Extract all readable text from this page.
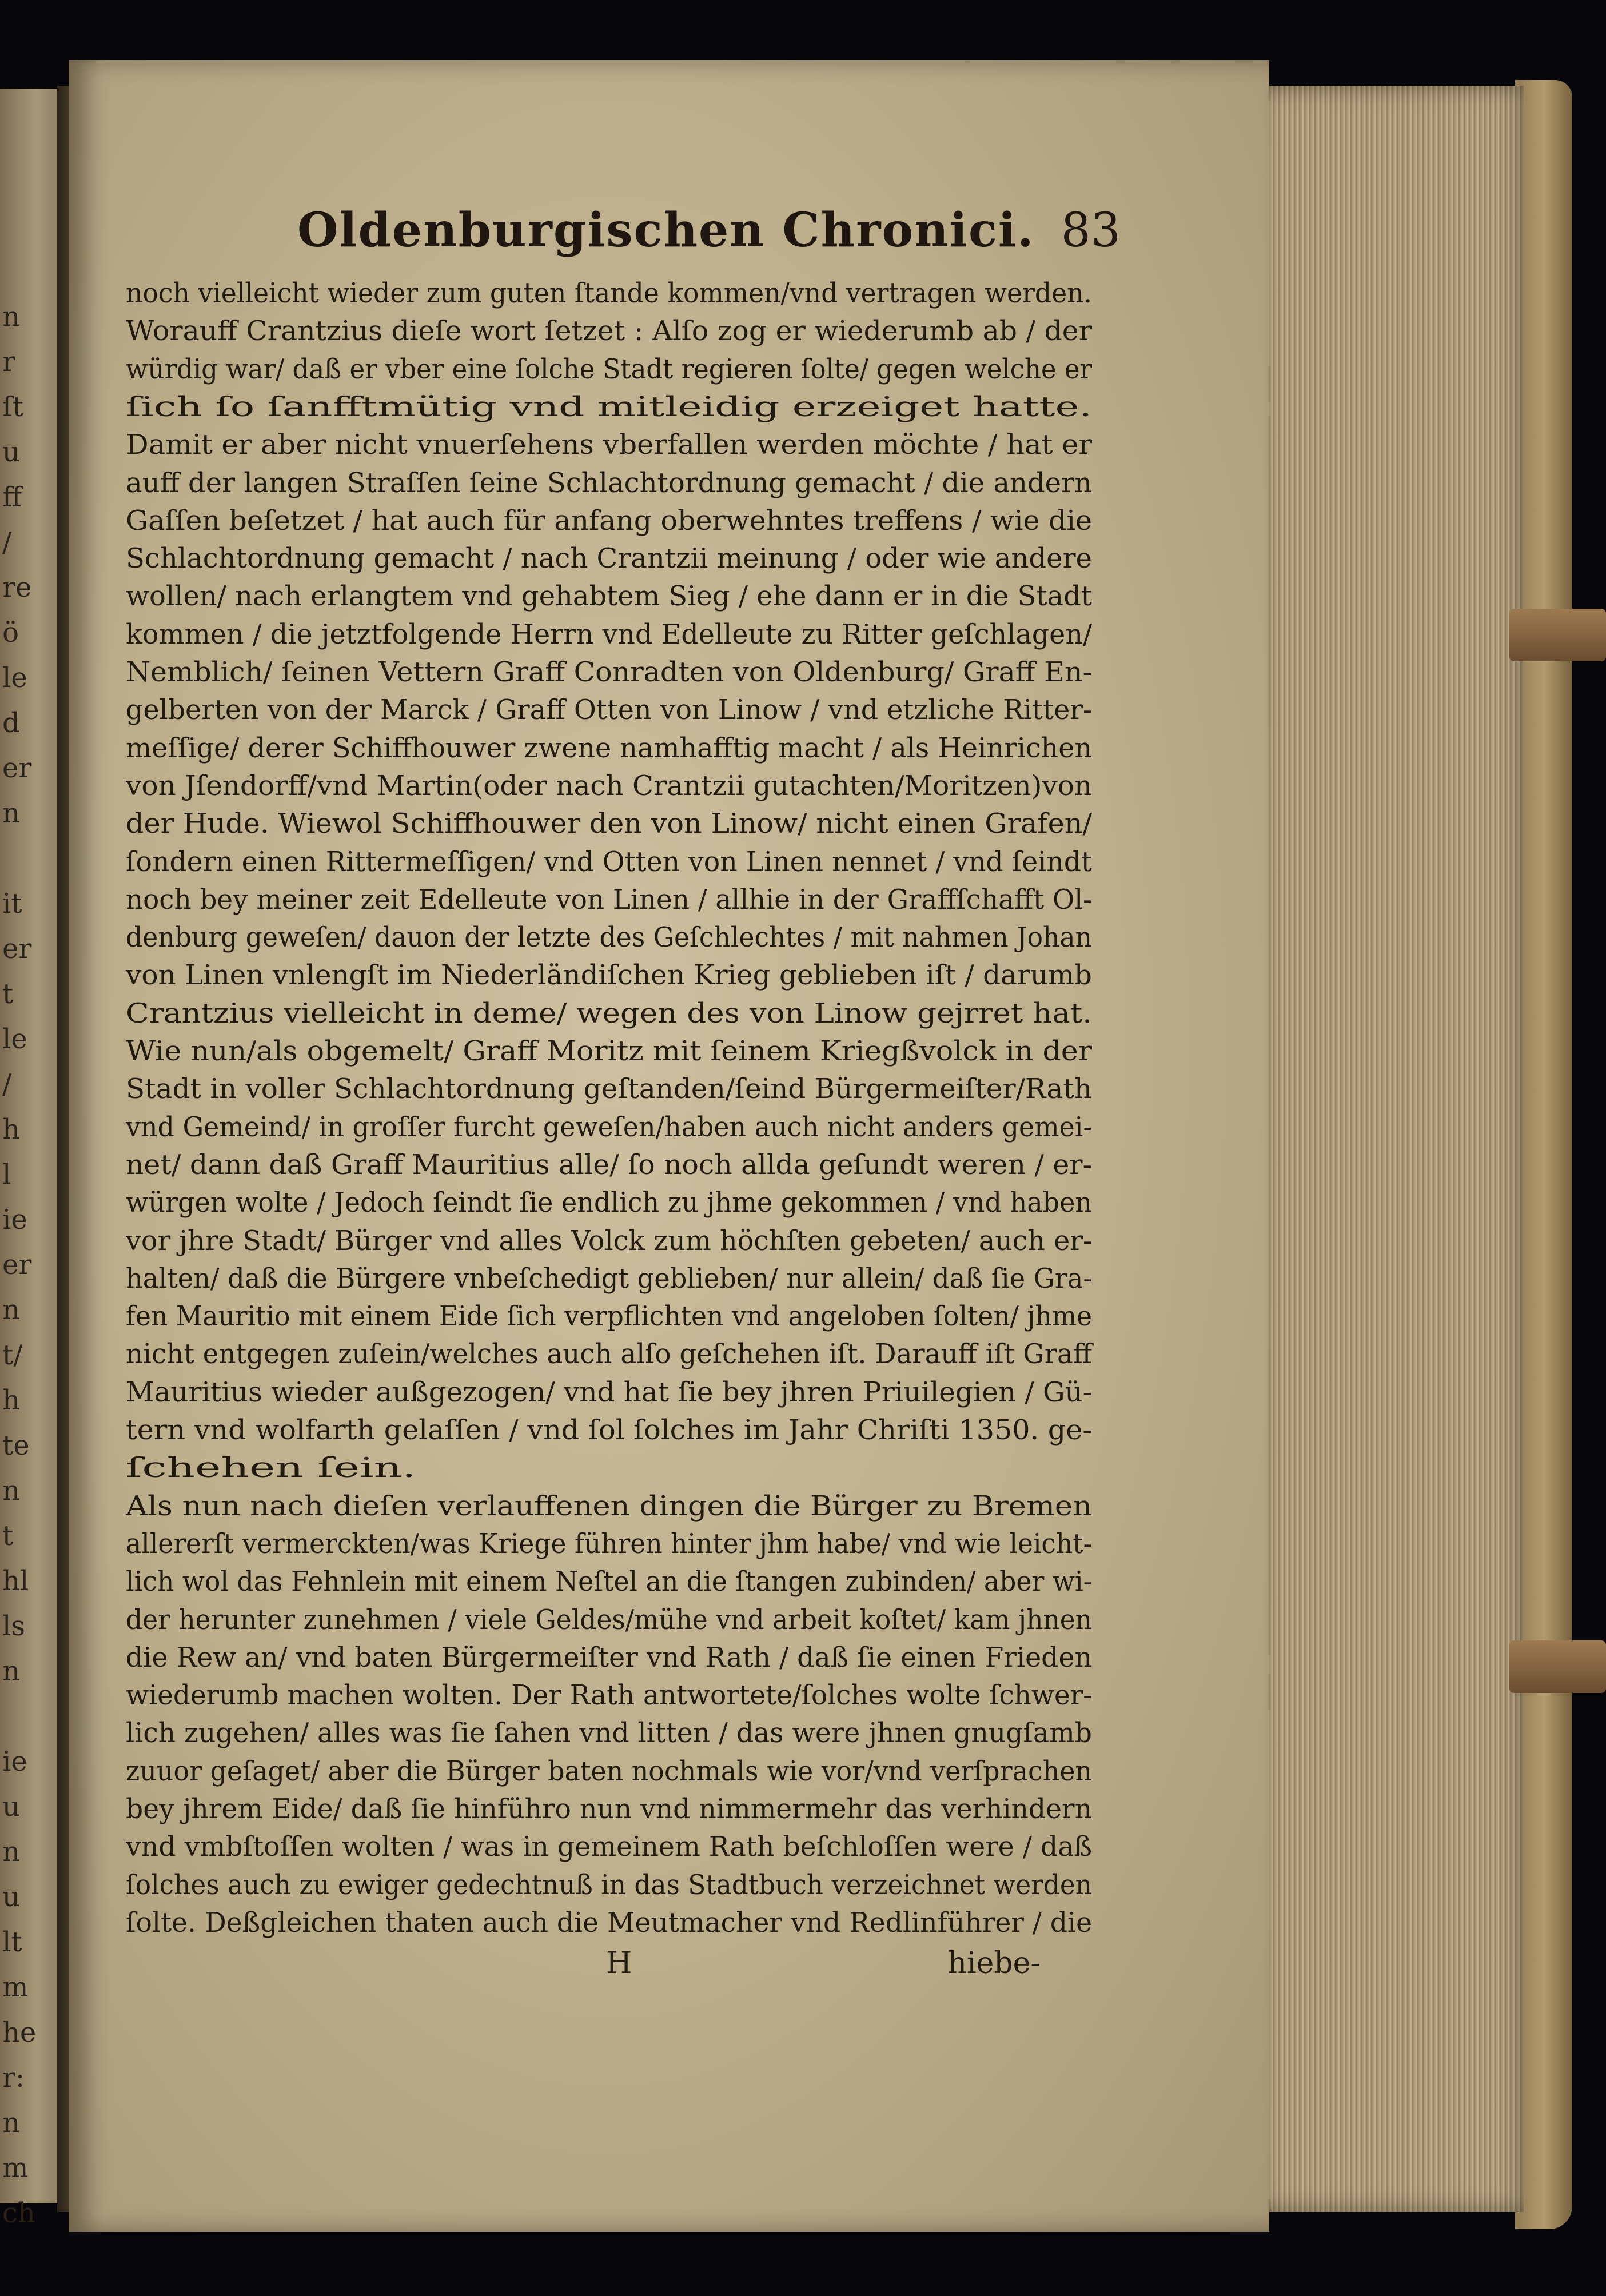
n
r
ſt
u
ff
/
re
ö
le
d
er
n

it
er
t
le
/
h
l
ie
er
n
t/
h
te
n
t
hl
ls
n

ie
u
n
u
lt
m
he
r:
n
m
ch
Oldenburgischen Chronici. 83
noch vielleicht wieder zum guten ſtande kommen/vnd vertragen werden.
Worauff Crantzius dieſe wort ſetzet : Alſo zog er wiederumb ab / der
würdig war/ daß er vber eine ſolche Stadt regieren ſolte/ gegen welche er
ſich ſo ſanfftmütig vnd mitleidig erzeiget hatte.
Damit er aber nicht vnuerſehens vberfallen werden möchte / hat er
auff der langen Straſſen ſeine Schlachtordnung gemacht / die andern
Gaſſen beſetzet / hat auch für anfang oberwehntes treffens / wie die
Schlachtordnung gemacht / nach Crantzii meinung / oder wie andere
wollen/ nach erlangtem vnd gehabtem Sieg / ehe dann er in die Stadt
kommen / die jetztfolgende Herrn vnd Edelleute zu Ritter geſchlagen/
Nemblich/ ſeinen Vettern Graff Conradten von Oldenburg/ Graff En-
gelberten von der Marck / Graff Otten von Linow / vnd etzliche Ritter-
meſſige/ derer Schiffhouwer zwene namhafftig macht / als Heinrichen
von Jſendorff/vnd Martin(oder nach Crantzii gutachten/Moritzen)von
der Hude. Wiewol Schiffhouwer den von Linow/ nicht einen Grafen/
ſondern einen Rittermeſſigen/ vnd Otten von Linen nennet / vnd ſeindt
noch bey meiner zeit Edelleute von Linen / allhie in der Graffſchafft Ol-
denburg geweſen/ dauon der letzte des Geſchlechtes / mit nahmen Johan
von Linen vnlengſt im Niederländiſchen Krieg geblieben iſt / darumb
Crantzius vielleicht in deme/ wegen des von Linow gejrret hat.
Wie nun/als obgemelt/ Graff Moritz mit ſeinem Kriegßvolck in der
Stadt in voller Schlachtordnung geſtanden/ſeind Bürgermeiſter/Rath
vnd Gemeind/ in groſſer furcht geweſen/haben auch nicht anders gemei-
net/ dann daß Graff Mauritius alle/ ſo noch allda geſundt weren / er-
würgen wolte / Jedoch ſeindt ſie endlich zu jhme gekommen / vnd haben
vor jhre Stadt/ Bürger vnd alles Volck zum höchſten gebeten/ auch er-
halten/ daß die Bürgere vnbeſchedigt geblieben/ nur allein/ daß ſie Gra-
fen Mauritio mit einem Eide ſich verpflichten vnd angeloben ſolten/ jhme
nicht entgegen zuſein/welches auch alſo geſchehen iſt. Darauff iſt Graff
Mauritius wieder außgezogen/ vnd hat ſie bey jhren Priuilegien / Gü-
tern vnd wolfarth gelaſſen / vnd ſol ſolches im Jahr Chriſti 1350. ge-
ſchehen ſein.
Als nun nach dieſen verlauffenen dingen die Bürger zu Bremen
allererſt vermerckten/was Kriege führen hinter jhm habe/ vnd wie leicht-
lich wol das Fehnlein mit einem Neſtel an die ſtangen zubinden/ aber wi-
der herunter zunehmen / viele Geldes/mühe vnd arbeit koſtet/ kam jhnen
die Rew an/ vnd baten Bürgermeiſter vnd Rath / daß ſie einen Frieden
wiederumb machen wolten. Der Rath antwortete/ſolches wolte ſchwer-
lich zugehen/ alles was ſie ſahen vnd litten / das were jhnen gnugſamb
zuuor geſaget/ aber die Bürger baten nochmals wie vor/vnd verſprachen
bey jhrem Eide/ daß ſie hinführo nun vnd nimmermehr das verhindern
vnd vmbſtoſſen wolten / was in gemeinem Rath beſchloſſen were / daß
ſolches auch zu ewiger gedechtnuß in das Stadtbuch verzeichnet werden
ſolte. Deßgleichen thaten auch die Meutmacher vnd Redlinführer / die
H	hiebe-
